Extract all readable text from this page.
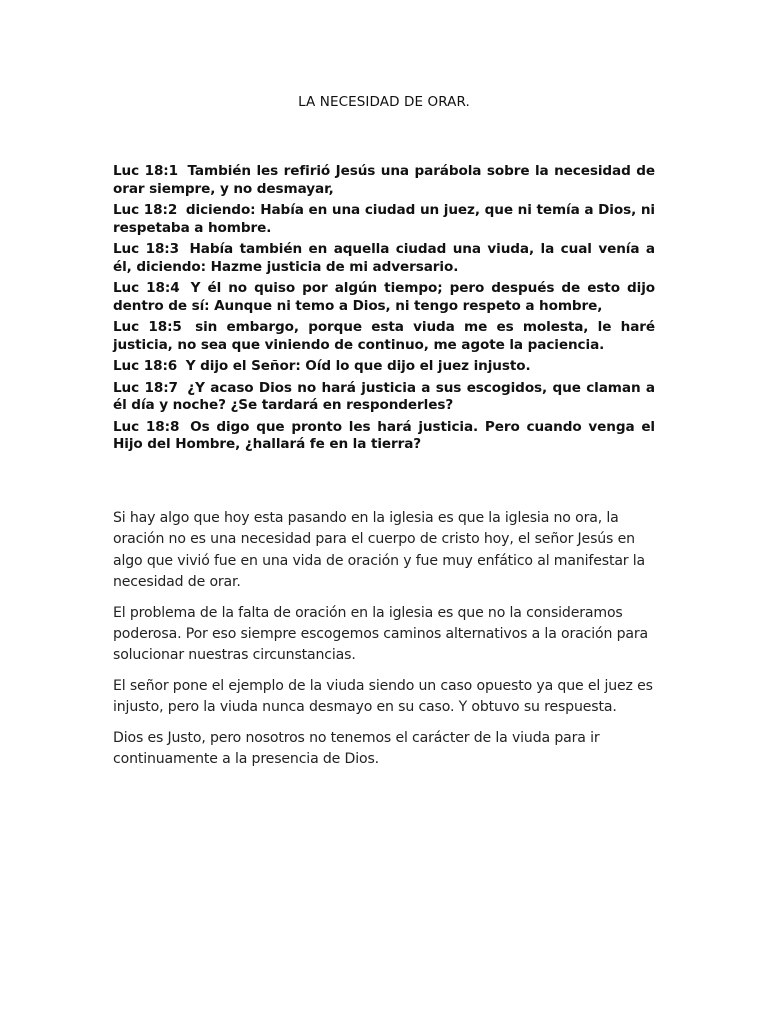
LA NECESIDAD DE ORAR.

Luc 18:1 También les refirió Jesús una parábola sobre la necesidad de orar siempre, y no desmayar,

Luc 18:2 diciendo: Había en una ciudad un juez, que ni temía a Dios, ni respetaba a hombre.

Luc 18:3 Había también en aquella ciudad una viuda, la cual venía a él, diciendo: Hazme justicia de mi adversario.

Luc 18:4 Y él no quiso por algún tiempo; pero después de esto dijo dentro de sí: Aunque ni temo a Dios, ni tengo respeto a hombre,

Luc 18:5 sin embargo, porque esta viuda me es molesta, le haré justicia, no sea que viniendo de continuo, me agote la paciencia.

Luc 18:6 Y dijo el Señor: Oíd lo que dijo el juez injusto.

Luc 18:7 ¿Y acaso Dios no hará justicia a sus escogidos, que claman a él día y noche? ¿Se tardará en responderles?

Luc 18:8 Os digo que pronto les hará justicia. Pero cuando venga el Hijo del Hombre, ¿hallará fe en la tierra?

Si hay algo que hoy esta pasando en la iglesia es que la iglesia no ora, la oración no es una necesidad para el cuerpo de cristo hoy, el señor Jesús en algo que vivió fue en una vida de oración y fue muy enfático al manifestar la necesidad de orar.

El problema de la falta de oración en la iglesia es que no la consideramos poderosa. Por eso siempre escogemos caminos alternativos a la oración para solucionar nuestras circunstancias.

El señor pone el ejemplo de la viuda siendo un caso opuesto ya que el juez es injusto, pero la viuda nunca desmayo en su caso. Y obtuvo su respuesta.

Dios es Justo, pero nosotros no tenemos el carácter de la viuda para ir continuamente a la presencia de Dios.
